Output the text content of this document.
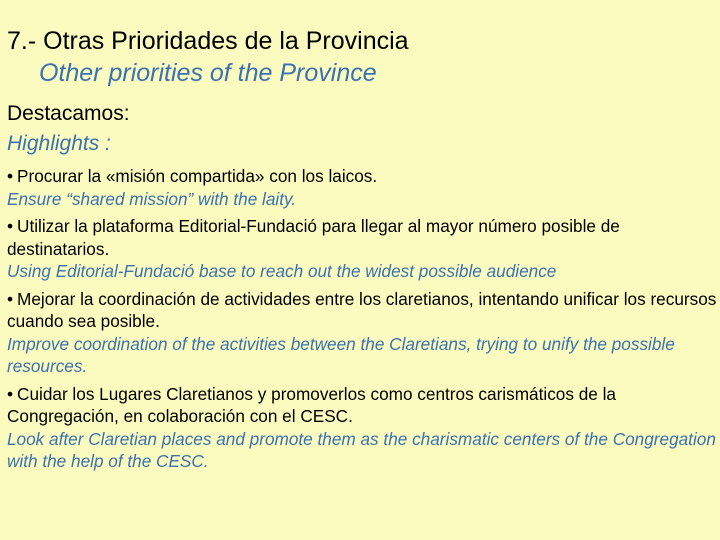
7.- Otras Prioridades de la Provincia
Other priorities of the Province
Destacamos:
Highlights :
• Procurar la «misión compartida» con los laicos.
Ensure “shared mission” with the laity.
• Utilizar la plataforma Editorial-Fundació para llegar al mayor número posible de destinatarios.
Using Editorial-Fundació base to reach out the widest possible audience
• Mejorar la coordinación de actividades entre los claretianos, intentando unificar los recursos cuando sea posible.
Improve coordination of the activities between the Claretians, trying to unify the possible resources.
• Cuidar los Lugares Claretianos y promoverlos como centros carismáticos de la Congregación, en colaboración con el CESC.
Look after Claretian places and promote them as the charismatic centers of the Congregation with the help of the CESC.
